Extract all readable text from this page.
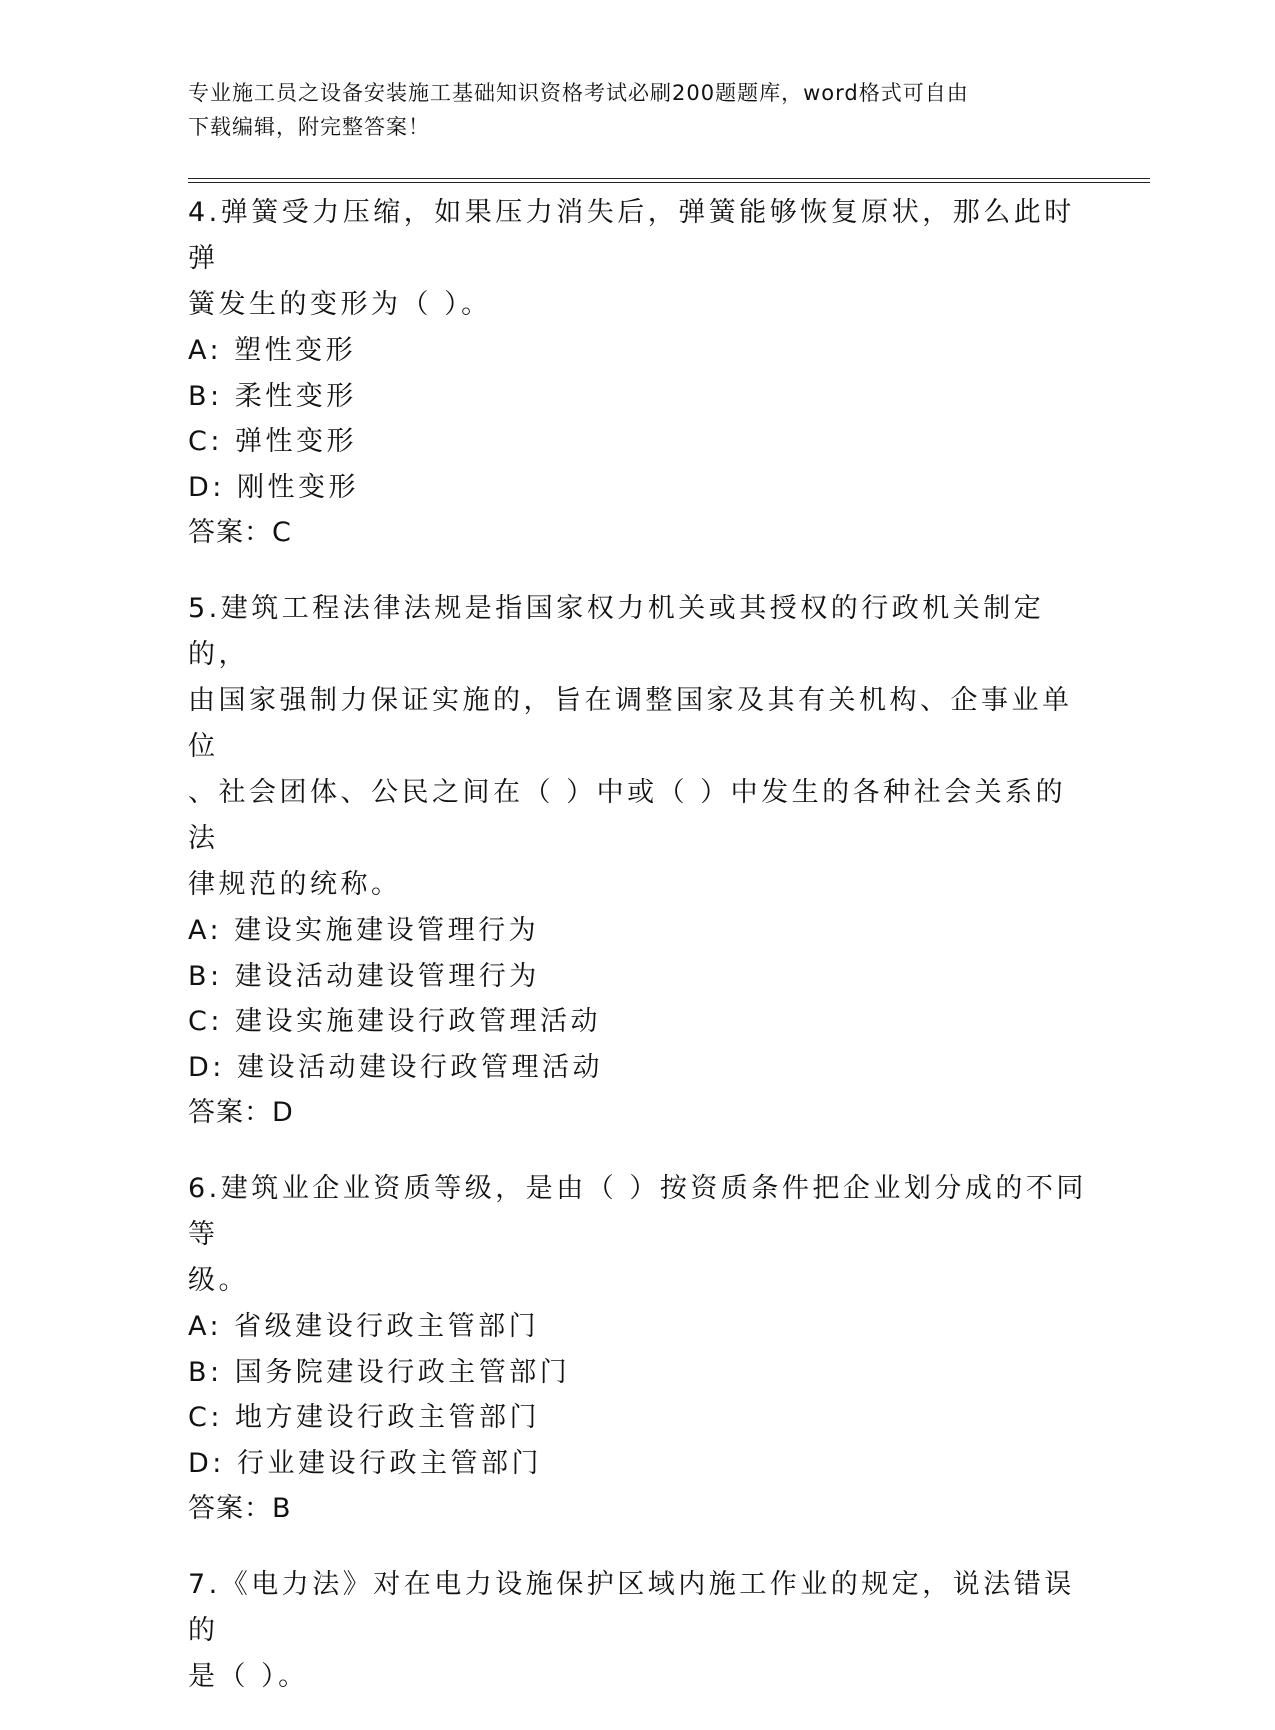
专业施工员之设备安装施工基础知识资格考试必刷200题题库，word格式可自由
下载编辑，附完整答案！

4.弹簧受力压缩，如果压力消失后，弹簧能够恢复原状，那么此时弹

簧发生的变形为（ ）。

A: 塑性变形

B: 柔性变形

C: 弹性变形

D: 刚性变形

答案：C

5.建筑工程法律法规是指国家权力机关或其授权的行政机关制定的，

由国家强制力保证实施的，旨在调整国家及其有关机构、企事业单位

、社会团体、公民之间在（ ）中或（ ）中发生的各种社会关系的法

律规范的统称。

A: 建设实施建设管理行为

B: 建设活动建设管理行为

C: 建设实施建设行政管理活动

D: 建设活动建设行政管理活动

答案：D

6.建筑业企业资质等级，是由（ ）按资质条件把企业划分成的不同等

级。

A: 省级建设行政主管部门

B: 国务院建设行政主管部门

C: 地方建设行政主管部门

D: 行业建设行政主管部门

答案：B

7.《电力法》对在电力设施保护区域内施工作业的规定，说法错误的

是（ ）。
